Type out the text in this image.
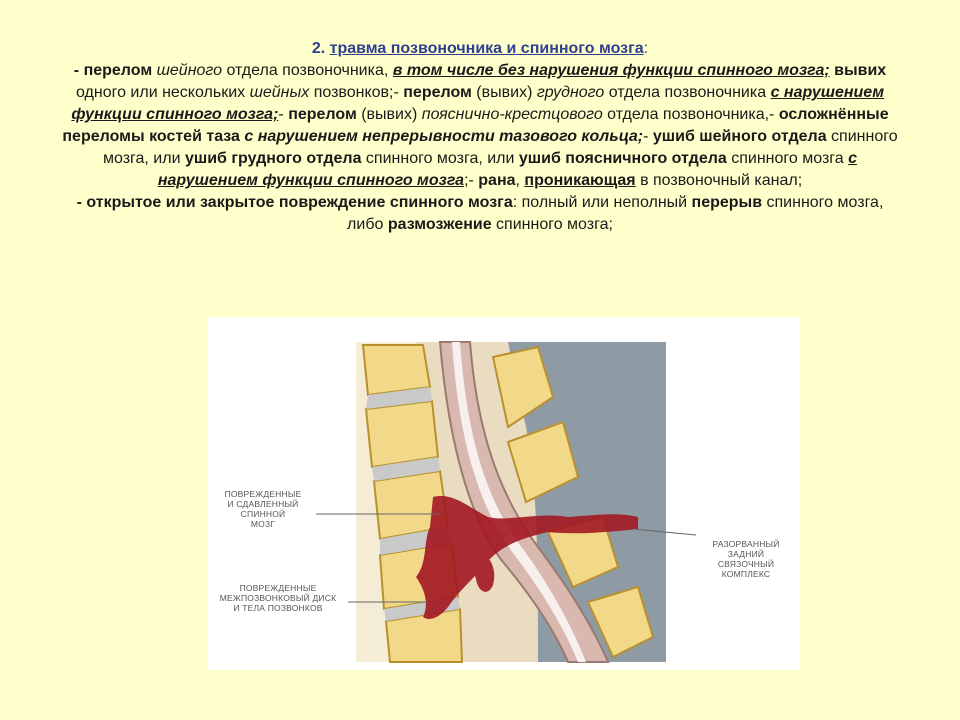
2. травма позвоночника и спинного мозга:
- перелом шейного отдела позвоночника, в том числе без нарушения функции спинного мозга; вывих одного или нескольких шейных позвонков;- перелом (вывих) грудного отдела позвоночника с нарушением функции спинного мозга;- перелом (вывих) пояснично-крестцового отдела позвоночника,- осложнённые переломы костей таза с нарушением непрерывности тазового кольца;- ушиб шейного отдела спинного мозга, или ушиб грудного отдела спинного мозга, или ушиб поясничного отдела спинного мозга с нарушением функции спинного мозга;- рана, проникающая в позвоночный канал;
- открытое или закрытое повреждение спинного мозга: полный или неполный перерыв спинного мозга, либо размозжение спинного мозга;
ПОВРЕЖДЕННЫЕ
И СДАВЛЕННЫЙ
СПИННОЙ
МОЗГ
ПОВРЕЖДЕННЫЕ
МЕЖПОЗВОНКОВЫЙ ДИСК
И ТЕЛА ПОЗВОНКОВ
РАЗОРВАННЫЙ
ЗАДНИЙ
СВЯЗОЧНЫЙ
КОМПЛЕКС
